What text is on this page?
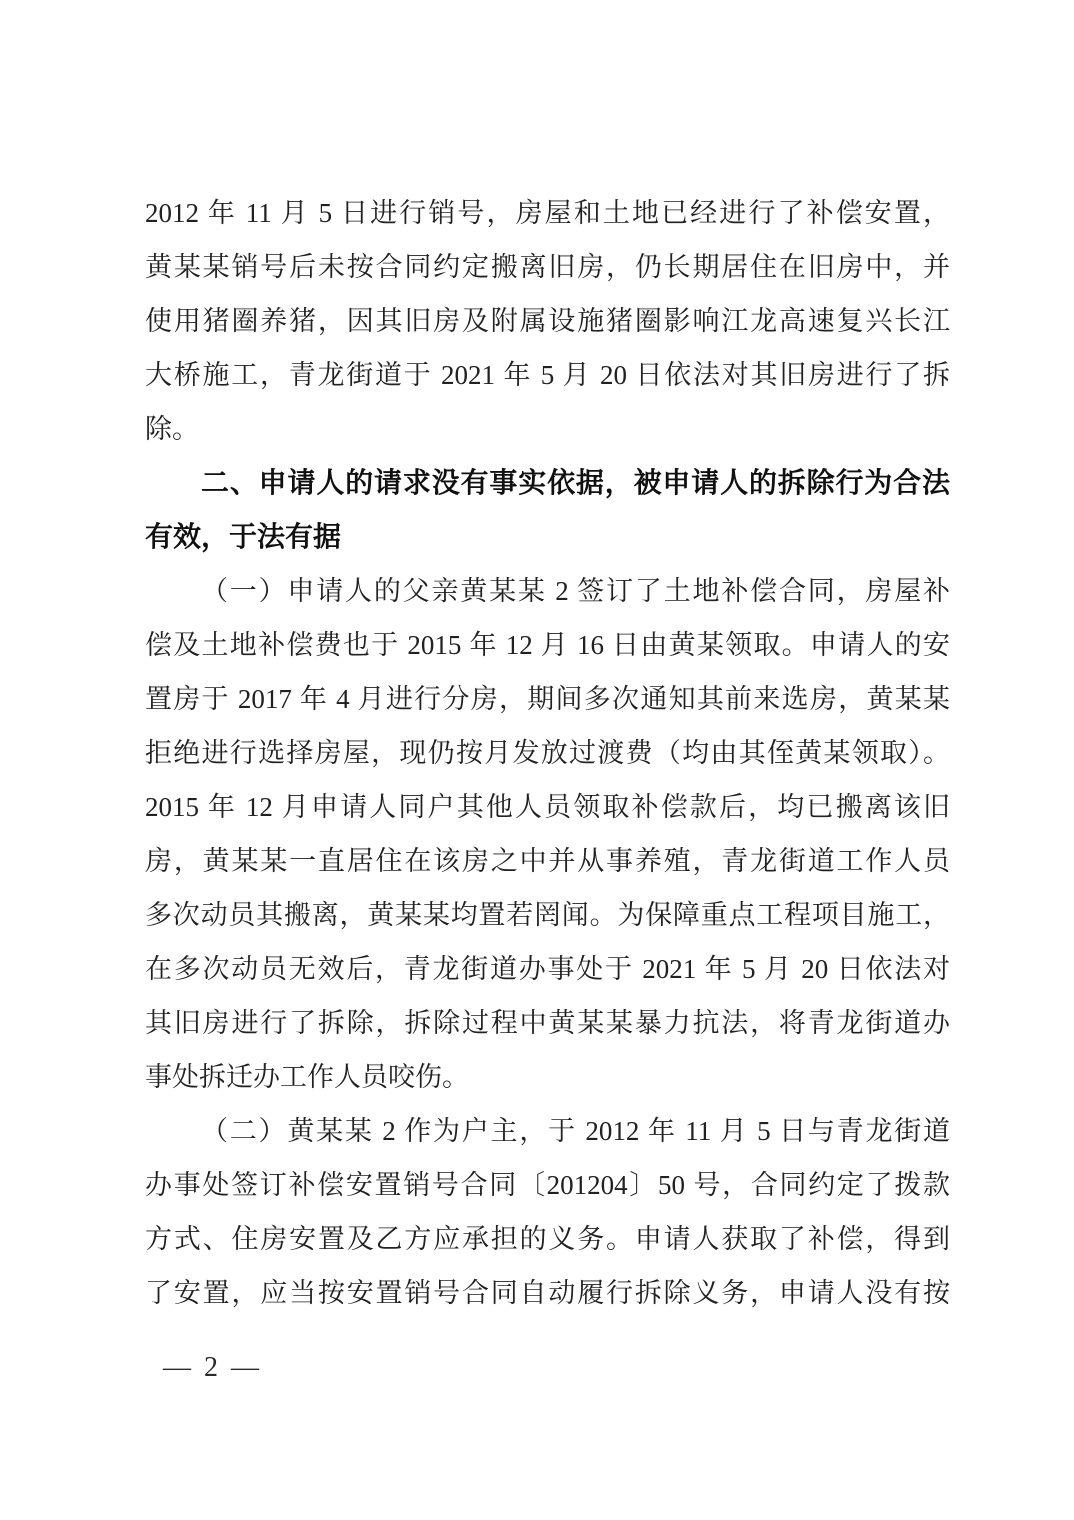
2012 年 11 月 5 日进行销号，房屋和土地已经进行了补偿安置，
黄某某销号后未按合同约定搬离旧房，仍长期居住在旧房中，并
使用猪圈养猪，因其旧房及附属设施猪圈影响江龙高速复兴长江
大桥施工，青龙街道于 2021 年 5 月 20 日依法对其旧房进行了拆
除。
二、申请人的请求没有事实依据，被申请人的拆除行为合法
有效，于法有据
（一）申请人的父亲黄某某 2 签订了土地补偿合同，房屋补
偿及土地补偿费也于 2015 年 12 月 16 日由黄某领取。申请人的安
置房于 2017 年 4 月进行分房，期间多次通知其前来选房，黄某某
拒绝进行选择房屋，现仍按月发放过渡费（均由其侄黄某领取）。
2015 年 12 月申请人同户其他人员领取补偿款后，均已搬离该旧
房，黄某某一直居住在该房之中并从事养殖，青龙街道工作人员
多次动员其搬离，黄某某均置若罔闻。为保障重点工程项目施工，
在多次动员无效后，青龙街道办事处于 2021 年 5 月 20 日依法对
其旧房进行了拆除，拆除过程中黄某某暴力抗法，将青龙街道办
事处拆迁办工作人员咬伤。
（二）黄某某 2 作为户主，于 2012 年 11 月 5 日与青龙街道
办事处签订补偿安置销号合同〔201204〕50 号，合同约定了拨款
方式、住房安置及乙方应承担的义务。申请人获取了补偿，得到
了安置，应当按安置销号合同自动履行拆除义务，申请人没有按
— 2 —
